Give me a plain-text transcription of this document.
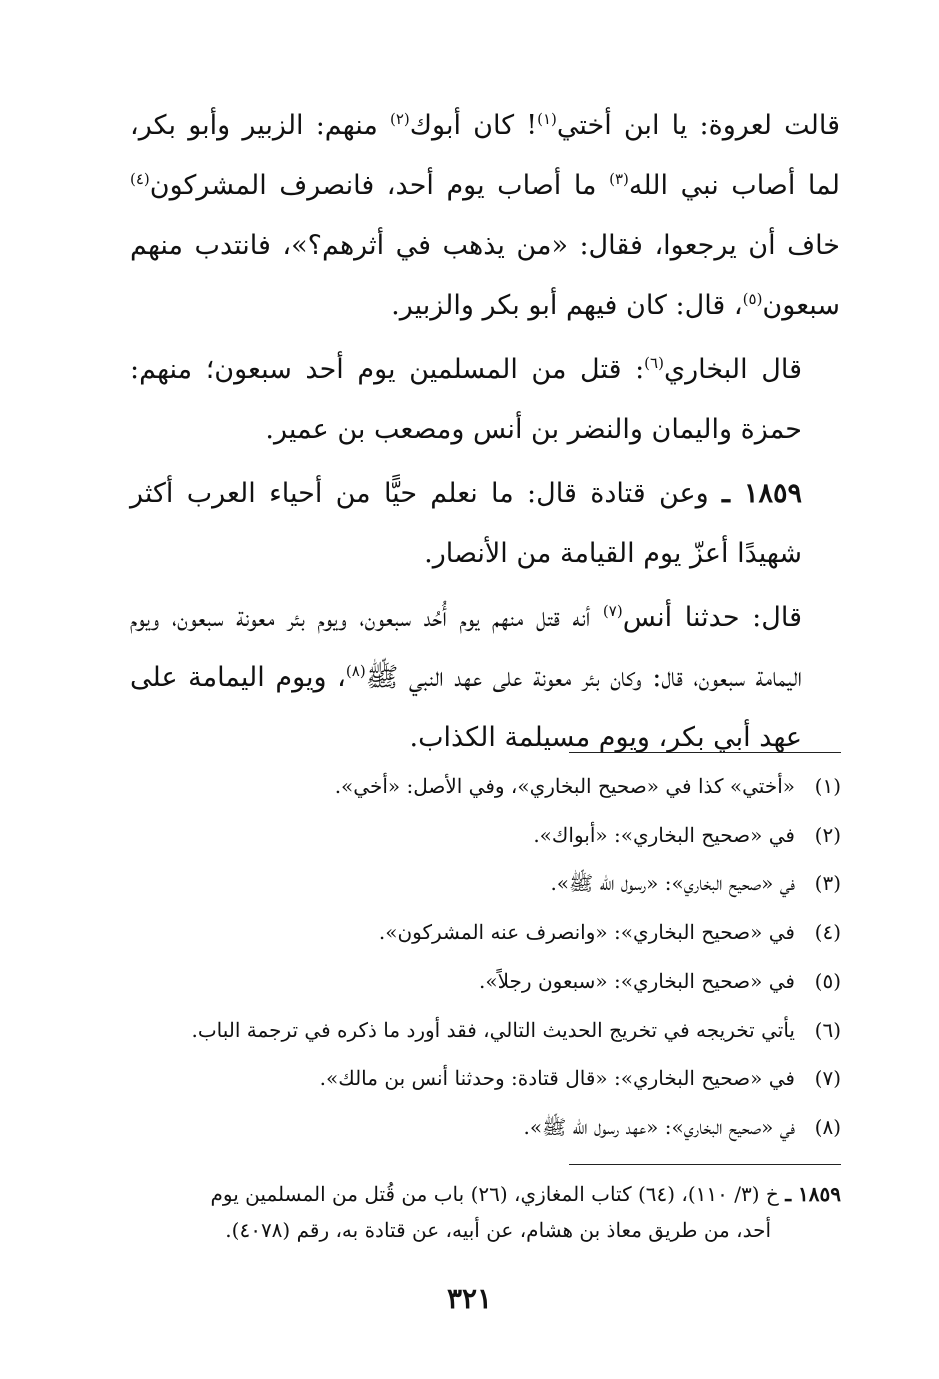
قالت لعروة: يا ابن أختي$^{(١)}$! كان أبوك$^{(٢)}$ منهم: الزبير وأبو بكر، لما أصاب نبي الله$^{(٣)}$ ما أصاب يوم أحد، فانصرف المشركون$^{(٤)}$ خاف أن يرجعوا، فقال: «من يذهب في أثرهم؟»، فانتدب منهم سبعون$^{(٥)}$، قال: كان فيهم أبو بكر والزبير.

قال البخاري$^{(٦)}$: قتل من المسلمين يوم أحد سبعون؛ منهم: حمزة واليمان والنضر بن أنس ومصعب بن عمير.

١٨٥٩ ـ وعن قتادة قال: ما نعلم حيًّا من أحياء العرب أكثر شهيدًا أعزّ يوم القيامة من الأنصار.

قال: حدثنا أنس$^{(٧)}$ أنه قتل منهم يوم أُحُد سبعون، ويوم بئر معونة سبعون، ويوم اليمامة سبعون، قال: وكان بئر معونة على عهد النبي ﷺ$^{(٨)}$، ويوم اليمامة على عهد أبي بكر، ويوم مسيلمة الكذاب.

(١)«أختي» كذا في «صحيح البخاري»، وفي الأصل: «أخي».
(٢)في «صحيح البخاري»: «أبواك».
(٣)في «صحيح البخاري»: «رسول الله ﷺ».
(٤)في «صحيح البخاري»: «وانصرف عنه المشركون».
(٥)في «صحيح البخاري»: «سبعون رجلاً».
(٦)يأتي تخريجه في تخريج الحديث التالي، فقد أورد ما ذكره في ترجمة الباب.
(٧)في «صحيح البخاري»: «قال قتادة: وحدثنا أنس بن مالك».
(٨)في «صحيح البخاري»: «عهد رسول الله ﷺ».

١٨٥٩ ـ خ (٣/ ١١٠)، (٦٤) كتاب المغازي، (٢٦) باب من قُتل من المسلمين يوم

أحد، من طريق معاذ بن هشام، عن أبيه، عن قتادة به، رقم (٤٠٧٨).

٣٢١
